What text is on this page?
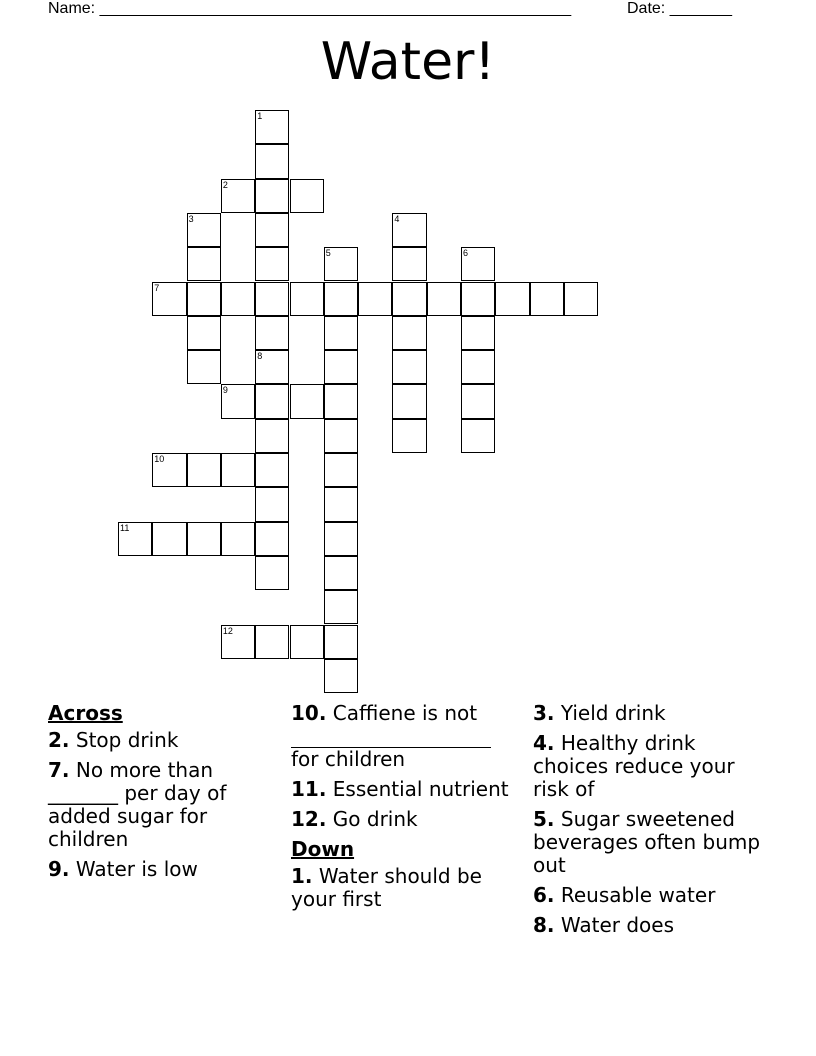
Name: _____________________________________________________	Date: _______
Water!
1
8
2
3	4
5	6
7
9
10
11
12
Across
2. Stop drink
7. No more than _______ per day of added sugar for children
9. Water is low
10. Caffiene is not

for children
11. Essential nutrient
12. Go drink
Down
1. Water should be your first
3. Yield drink
4. Healthy drink choices reduce your risk of
5. Sugar sweetened beverages often bump out
6. Reusable water
8. Water does
